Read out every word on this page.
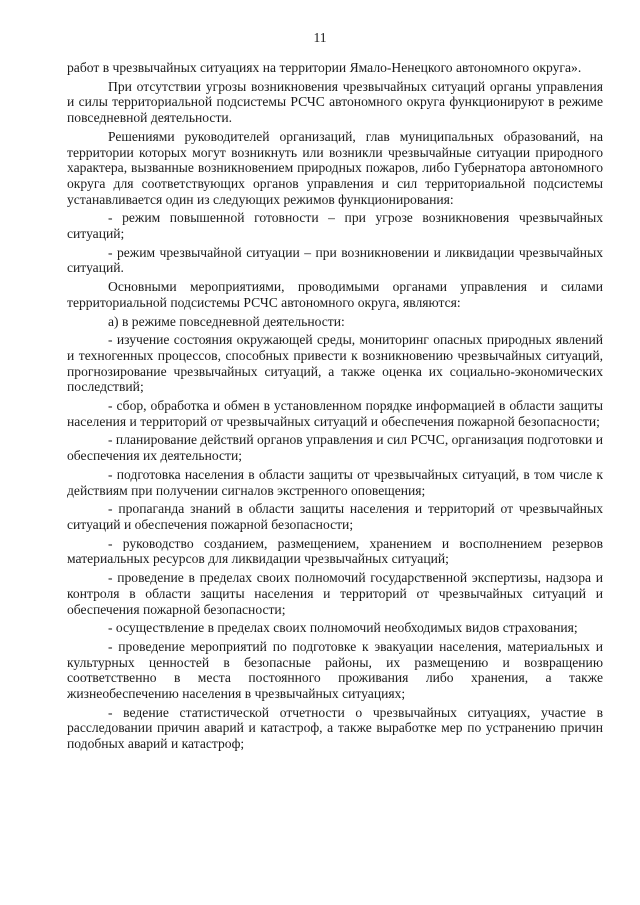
11

работ в чрезвычайных ситуациях на территории Ямало-Ненецкого автономного округа».

При отсутствии угрозы возникновения чрезвычайных ситуаций органы управления и силы территориальной подсистемы РСЧС автономного округа функционируют в режиме повседневной деятельности.

Решениями руководителей организаций, глав муниципальных образований, на территории которых могут возникнуть или возникли чрезвычайные ситуации природного характера, вызванные возникновением природных пожаров, либо Губернатора автономного округа для соответствующих органов управления и сил территориальной подсистемы устанавливается один из следующих режимов функционирования:

- режим повышенной готовности – при угрозе возникновения чрезвычайных ситуаций;

- режим чрезвычайной ситуации – при возникновении и ликвидации чрезвычайных ситуаций.

Основными мероприятиями, проводимыми органами управления и силами территориальной подсистемы РСЧС автономного округа, являются:

а) в режиме повседневной деятельности:

- изучение состояния окружающей среды, мониторинг опасных природных явлений и техногенных процессов, способных привести к возникновению чрезвычайных ситуаций, прогнозирование чрезвычайных ситуаций, а также оценка их социально-экономических последствий;

- сбор, обработка и обмен в установленном порядке информацией в области защиты населения и территорий от чрезвычайных ситуаций и обеспечения пожарной безопасности;

- планирование действий органов управления и сил РСЧС, организация подготовки и обеспечения их деятельности;

- подготовка населения в области защиты от чрезвычайных ситуаций, в том числе к действиям при получении сигналов экстренного оповещения;

- пропаганда знаний в области защиты населения и территорий от чрезвычайных ситуаций и обеспечения пожарной безопасности;

- руководство созданием, размещением, хранением и восполнением резервов материальных ресурсов для ликвидации чрезвычайных ситуаций;

- проведение в пределах своих полномочий государственной экспертизы, надзора и контроля в области защиты населения и территорий от чрезвычайных ситуаций и обеспечения пожарной безопасности;

- осуществление в пределах своих полномочий необходимых видов страхования;

- проведение мероприятий по подготовке к эвакуации населения, материальных и культурных ценностей в безопасные районы, их размещению и возвращению соответственно в места постоянного проживания либо хранения, а также жизнеобеспечению населения в чрезвычайных ситуациях;

- ведение статистической отчетности о чрезвычайных ситуациях, участие в расследовании причин аварий и катастроф, а также выработке мер по устранению причин подобных аварий и катастроф;
